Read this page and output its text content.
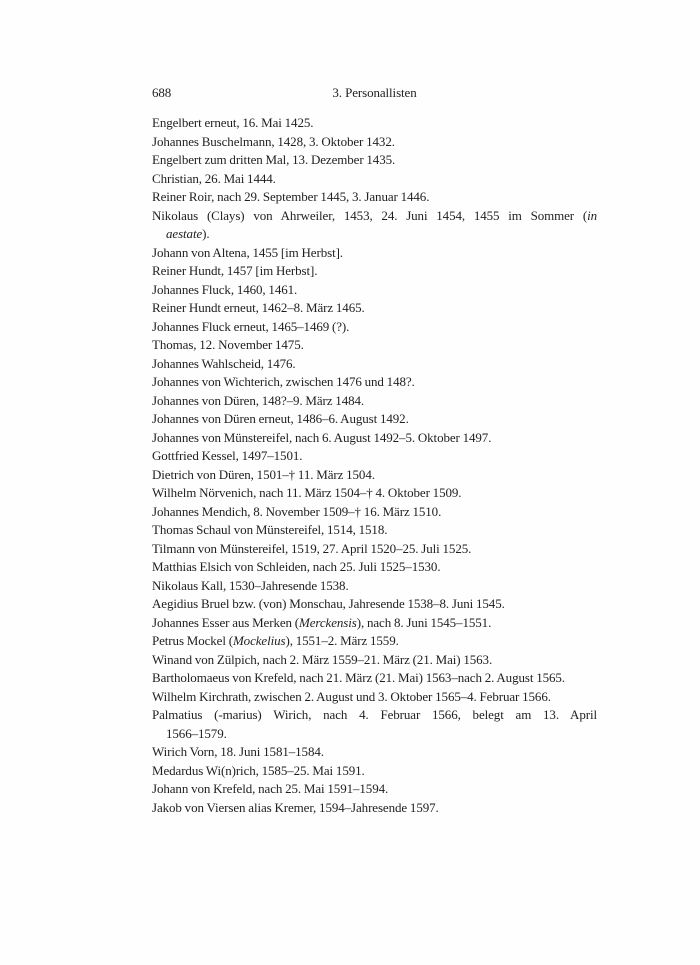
688	3. Personallisten
Engelbert erneut, 16. Mai 1425.
Johannes Buschelmann, 1428, 3. Oktober 1432.
Engelbert zum dritten Mal, 13. Dezember 1435.
Christian, 26. Mai 1444.
Reiner Roir, nach 29. September 1445, 3. Januar 1446.
Nikolaus (Clays) von Ahrweiler, 1453, 24. Juni 1454, 1455 im Sommer (in
aestate).
Johann von Altena, 1455 [im Herbst].
Reiner Hundt, 1457 [im Herbst].
Johannes Fluck, 1460, 1461.
Reiner Hundt erneut, 1462–8. März 1465.
Johannes Fluck erneut, 1465–1469 (?).
Thomas, 12. November 1475.
Johannes Wahlscheid, 1476.
Johannes von Wichterich, zwischen 1476 und 148?.
Johannes von Düren, 148?–9. März 1484.
Johannes von Düren erneut, 1486–6. August 1492.
Johannes von Münstereifel, nach 6. August 1492–5. Oktober 1497.
Gottfried Kessel, 1497–1501.
Dietrich von Düren, 1501–† 11. März 1504.
Wilhelm Nörvenich, nach 11. März 1504–† 4. Oktober 1509.
Johannes Mendich, 8. November 1509–† 16. März 1510.
Thomas Schaul von Münstereifel, 1514, 1518.
Tilmann von Münstereifel, 1519, 27. April 1520–25. Juli 1525.
Matthias Elsich von Schleiden, nach 25. Juli 1525–1530.
Nikolaus Kall, 1530–Jahresende 1538.
Aegidius Bruel bzw. (von) Monschau, Jahresende 1538–8. Juni 1545.
Johannes Esser aus Merken (Merckensis), nach 8. Juni 1545–1551.
Petrus Mockel (Mockelius), 1551–2. März 1559.
Winand von Zülpich, nach 2. März 1559–21. März (21. Mai) 1563.
Bartholomaeus von Krefeld, nach 21. März (21. Mai) 1563–nach 2. August 1565.
Wilhelm Kirchrath, zwischen 2. August und 3. Oktober 1565–4. Februar 1566.
Palmatius (-marius) Wirich, nach 4. Februar 1566, belegt am 13. April
1566–1579.
Wirich Vorn, 18. Juni 1581–1584.
Medardus Wi(n)rich, 1585–25. Mai 1591.
Johann von Krefeld, nach 25. Mai 1591–1594.
Jakob von Viersen alias Kremer, 1594–Jahresende 1597.
